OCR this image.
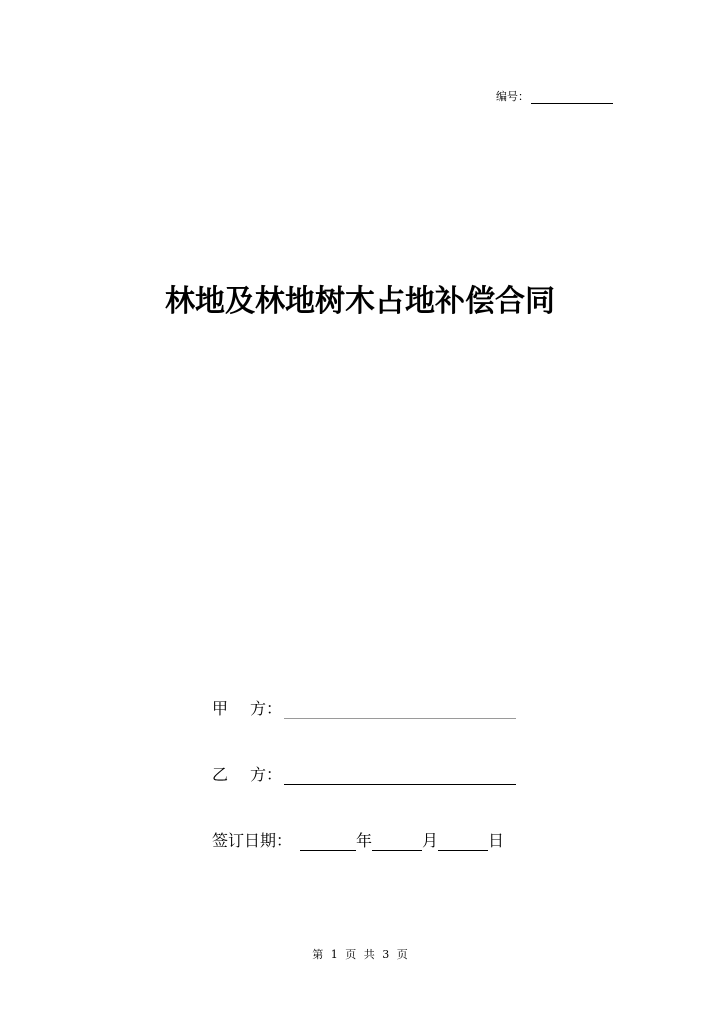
编号：
林地及林地树木占地补偿合同
甲 方：
乙 方：
签订日期：	年	月	日
第 1 页 共 3 页
